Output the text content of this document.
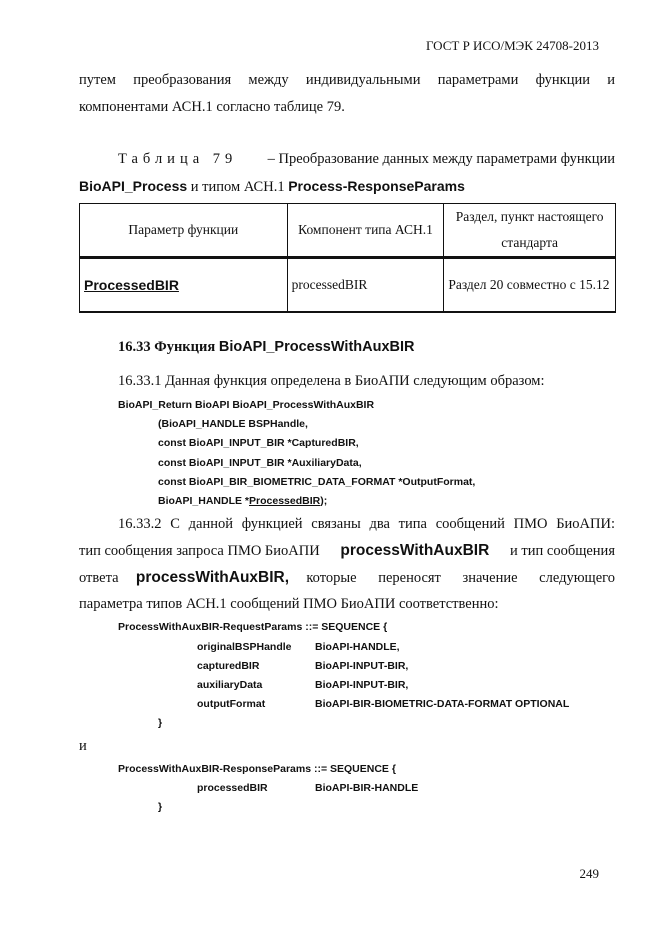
ГОСТ Р ИСО/МЭК 24708-2013
путем преобразования между индивидуальными параметрами функции и
компонентами АСН.1 согласно таблице 79.
Таблица 79 – Преобразование данных между параметрами функции
BioAPI_Process и типом АСН.1 Process-ResponseParams
Параметр функции	Компонент типа АСН.1	Раздел, пункт настоящего стандарта
ProcessedBIR	processedBIR	Раздел 20 совместно с 15.12
16.33 Функция BioAPI_ProcessWithAuxBIR
16.33.1 Данная функция определена в БиоАПИ следующим образом:
BioAPI_Return BioAPI BioAPI_ProcessWithAuxBIR
(BioAPI_HANDLE BSPHandle,
const BioAPI_INPUT_BIR *CapturedBIR,
const BioAPI_INPUT_BIR *AuxiliaryData,
const BioAPI_BIR_BIOMETRIC_DATA_FORMAT *OutputFormat,
BioAPI_HANDLE *ProcessedBIR);
16.33.2 С данной функцией связаны два типа сообщений ПМО БиоАПИ:
тип сообщения запроса ПМО БиоАПИ processWithAuxBIR и тип сообщения
ответа processWithAuxBIR, которые переносят значение следующего
параметра типов АСН.1 сообщений ПМО БиоАПИ соответственно:
ProcessWithAuxBIR-RequestParams ::= SEQUENCE {
originalBSPHandle BioAPI-HANDLE,
capturedBIR	BioAPI-INPUT-BIR,
auxiliaryData	BioAPI-INPUT-BIR,
outputFormat	BioAPI-BIR-BIOMETRIC-DATA-FORMAT OPTIONAL
}
и
ProcessWithAuxBIR-ResponseParams ::= SEQUENCE {
processedBIR	BioAPI-BIR-HANDLE
}
249
